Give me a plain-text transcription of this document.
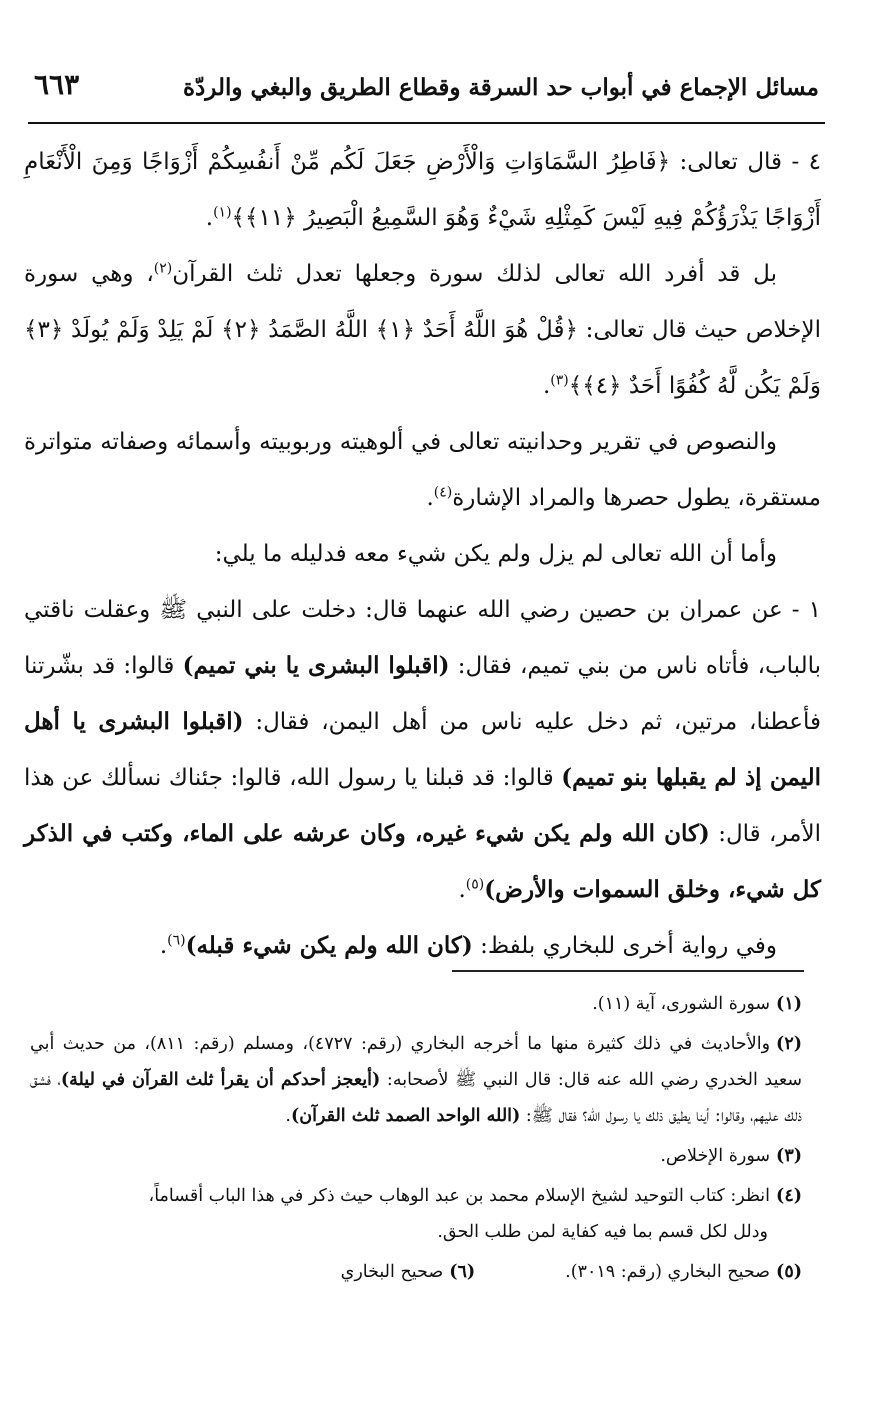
مسائل الإجماع في أبواب حد السرقة وقطاع الطريق والبغي والردّة
٦٦٣

٤ - قال تعالى: ﴿فَاطِرُ السَّمَاوَاتِ وَالْأَرْضِ جَعَلَ لَكُم مِّنْ أَنفُسِكُمْ أَزْوَاجًا وَمِنَ الْأَنْعَامِ أَزْوَاجًا يَذْرَؤُكُمْ فِيهِ لَيْسَ كَمِثْلِهِ شَيْءٌ وَهُوَ السَّمِيعُ الْبَصِيرُ ﴿١١﴾﴾$^{(١)}$.

بل قد أفرد الله تعالى لذلك سورة وجعلها تعدل ثلث القرآن$^{(٢)}$، وهي سورة الإخلاص حيث قال تعالى: ﴿قُلْ هُوَ اللَّهُ أَحَدٌ ﴿١﴾ اللَّهُ الصَّمَدُ ﴿٢﴾ لَمْ يَلِدْ وَلَمْ يُولَدْ ﴿٣﴾ وَلَمْ يَكُن لَّهُ كُفُوًا أَحَدٌ ﴿٤﴾﴾$^{(٣)}$.

والنصوص في تقرير وحدانيته تعالى في ألوهيته وربوبيته وأسمائه وصفاته متواترة مستقرة، يطول حصرها والمراد الإشارة$^{(٤)}$.

وأما أن الله تعالى لم يزل ولم يكن شيء معه فدليله ما يلي:

١ - عن عمران بن حصين رضي الله عنهما قال: دخلت على النبي ﷺ وعقلت ناقتي بالباب، فأتاه ناس من بني تميم، فقال: (اقبلوا البشرى يا بني تميم) قالوا: قد بشّرتنا فأعطنا، مرتين، ثم دخل عليه ناس من أهل اليمن، فقال: (اقبلوا البشرى يا أهل اليمن إذ لم يقبلها بنو تميم) قالوا: قد قبلنا يا رسول الله، قالوا: جئناك نسألك عن هذا الأمر، قال: (كان الله ولم يكن شيء غيره، وكان عرشه على الماء، وكتب في الذكر كل شيء، وخلق السموات والأرض)$^{(٥)}$.

وفي رواية أخرى للبخاري بلفظ: (كان الله ولم يكن شيء قبله)$^{(٦)}$.

(١)سورة الشورى، آية (١١).

(٢)والأحاديث في ذلك كثيرة منها ما أخرجه البخاري (رقم: ٤٧٢٧)، ومسلم (رقم: ٨١١)، من حديث أبي سعيد الخدري رضي الله عنه قال: قال النبي ﷺ لأصحابه: (أيعجز أحدكم أن يقرأ ثلث القرآن في ليلة)، فشق ذلك عليهم، وقالوا: أينا يطيق ذلك يا رسول الله؟ فقال ﷺ: (الله الواحد الصمد ثلث القرآن).

(٣)سورة الإخلاص.

(٤)انظر: كتاب التوحيد لشيخ الإسلام محمد بن عبد الوهاب حيث ذكر في هذا الباب أقساماً،
ودلل لكل قسم بما فيه كفاية لمن طلب الحق.

(٥)صحيح البخاري (رقم: ٣٠١٩).
(٦)صحيح البخاري
